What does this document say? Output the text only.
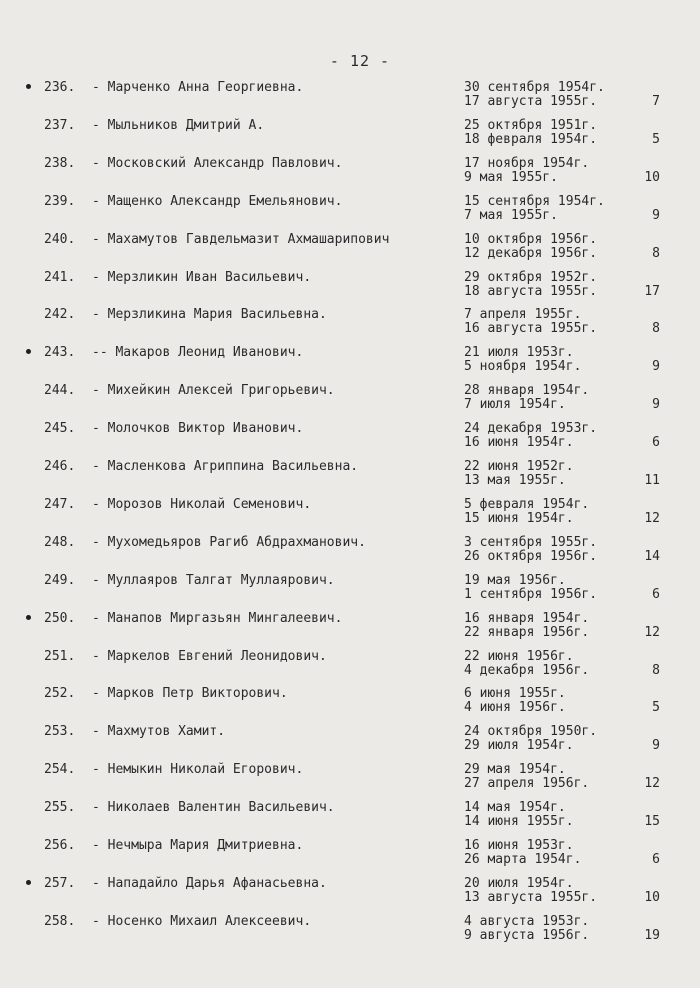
- 12 -
236. - Марченко Анна Георгиевна.	30 сентября 1954г.
17 августа 1955г.	7
237. - Мыльников Дмитрий А.	25 октября 1951г.
18 февраля 1954г.	5
238. - Московский Александр Павлович.	17 ноября 1954г.
9 мая 1955г.	10
239. - Мащенко Александр Емельянович.	15 сентября 1954г.
7 мая 1955г.	9
240. - Махамутов Гавдельмазит Ахмашарипович	10 октября 1956г.
12 декабря 1956г.	8
241. - Мерзликин Иван Васильевич.	29 октября 1952г.
18 августа 1955г.	17
242. - Мерзликина Мария Васильевна.	7 апреля 1955г.
16 августа 1955г.	8
243. -- Макаров Леонид Иванович.	21 июля 1953г.
5 ноября 1954г.	9
244. - Михейкин Алексей Григорьевич.	28 января 1954г.
7 июля 1954г.	9
245. - Молочков Виктор Иванович.	24 декабря 1953г.
16 июня 1954г.	6
246. - Масленкова Агриппина Васильевна.	22 июня 1952г.
13 мая 1955г.	11
247. - Морозов Николай Семенович.	5 февраля 1954г.
15 июня 1954г.	12
248. - Мухомедьяров Рагиб Абдрахманович.	3 сентября 1955г.
26 октября 1956г.	14
249. - Муллаяров Талгат Муллаярович.	19 мая 1956г.
1 сентября 1956г.	6
250. - Манапов Миргазьян Мингалеевич.	16 января 1954г.
22 января 1956г.	12
251. - Маркелов Евгений Леонидович.	22 июня 1956г.
4 декабря 1956г.	8
252. - Марков Петр Викторович.	6 июня 1955г.
4 июня 1956г.	5
253. - Махмутов Хамит.	24 октября 1950г.
29 июля 1954г.	9
254. - Немыкин Николай Егорович.	29 мая 1954г.
27 апреля 1956г.	12
255. - Николаев Валентин Васильевич.	14 мая 1954г.
14 июня 1955г.	15
256. - Нечмыра Мария Дмитриевна.	16 июня 1953г.
26 марта 1954г.	6
257. - Нападайло Дарья Афанасьевна.	20 июля 1954г.
13 августа 1955г.	10
258. - Носенко Михаил Алексеевич.	4 августа 1953г.
9 августа 1956г.	19
